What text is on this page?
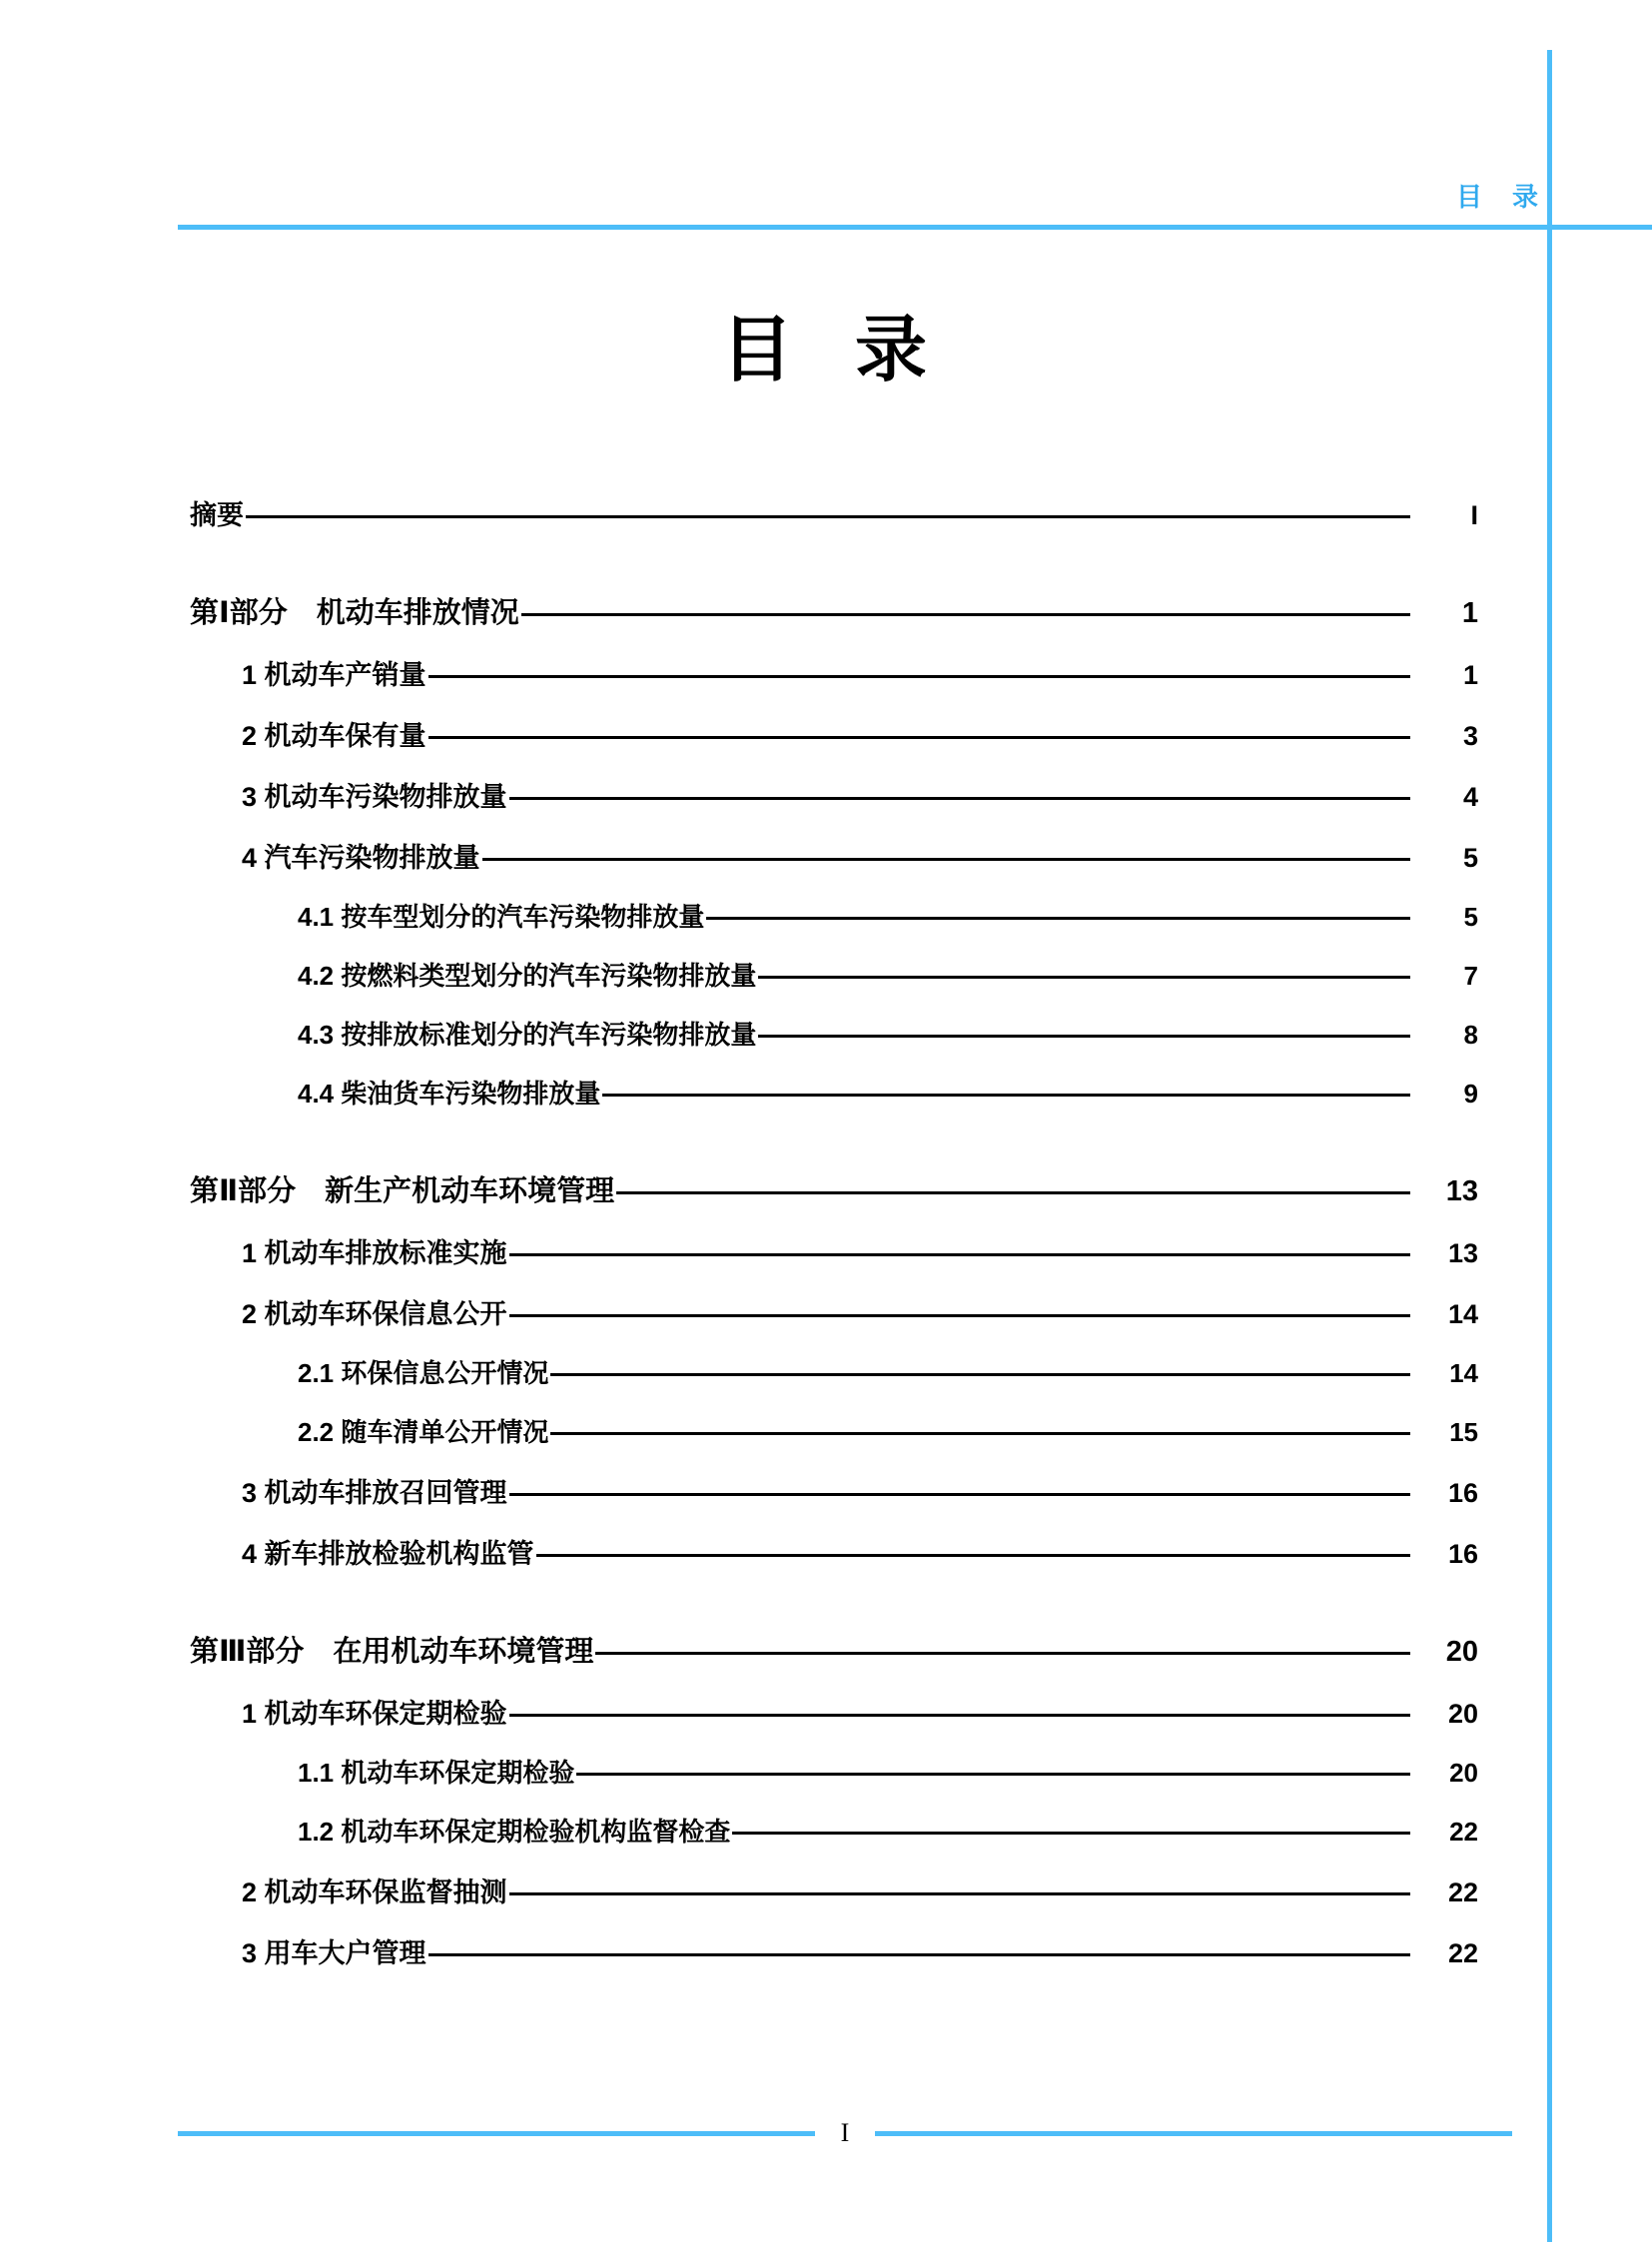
目　录
目 录
摘要	I
第Ⅰ部分　机动车排放情况	1
1 机动车产销量	1
2 机动车保有量	3
3 机动车污染物排放量	4
4 汽车污染物排放量	5
4.1 按车型划分的汽车污染物排放量	5
4.2 按燃料类型划分的汽车污染物排放量	7
4.3 按排放标准划分的汽车污染物排放量	8
4.4 柴油货车污染物排放量	9
第Ⅱ部分　新生产机动车环境管理	13
1 机动车排放标准实施	13
2 机动车环保信息公开	14
2.1 环保信息公开情况	14
2.2 随车清单公开情况	15
3 机动车排放召回管理	16
4 新车排放检验机构监管	16
第Ⅲ部分　在用机动车环境管理	20
1 机动车环保定期检验	20
1.1 机动车环保定期检验	20
1.2 机动车环保定期检验机构监督检查	22
2 机动车环保监督抽测	22
3 用车大户管理	22
I
